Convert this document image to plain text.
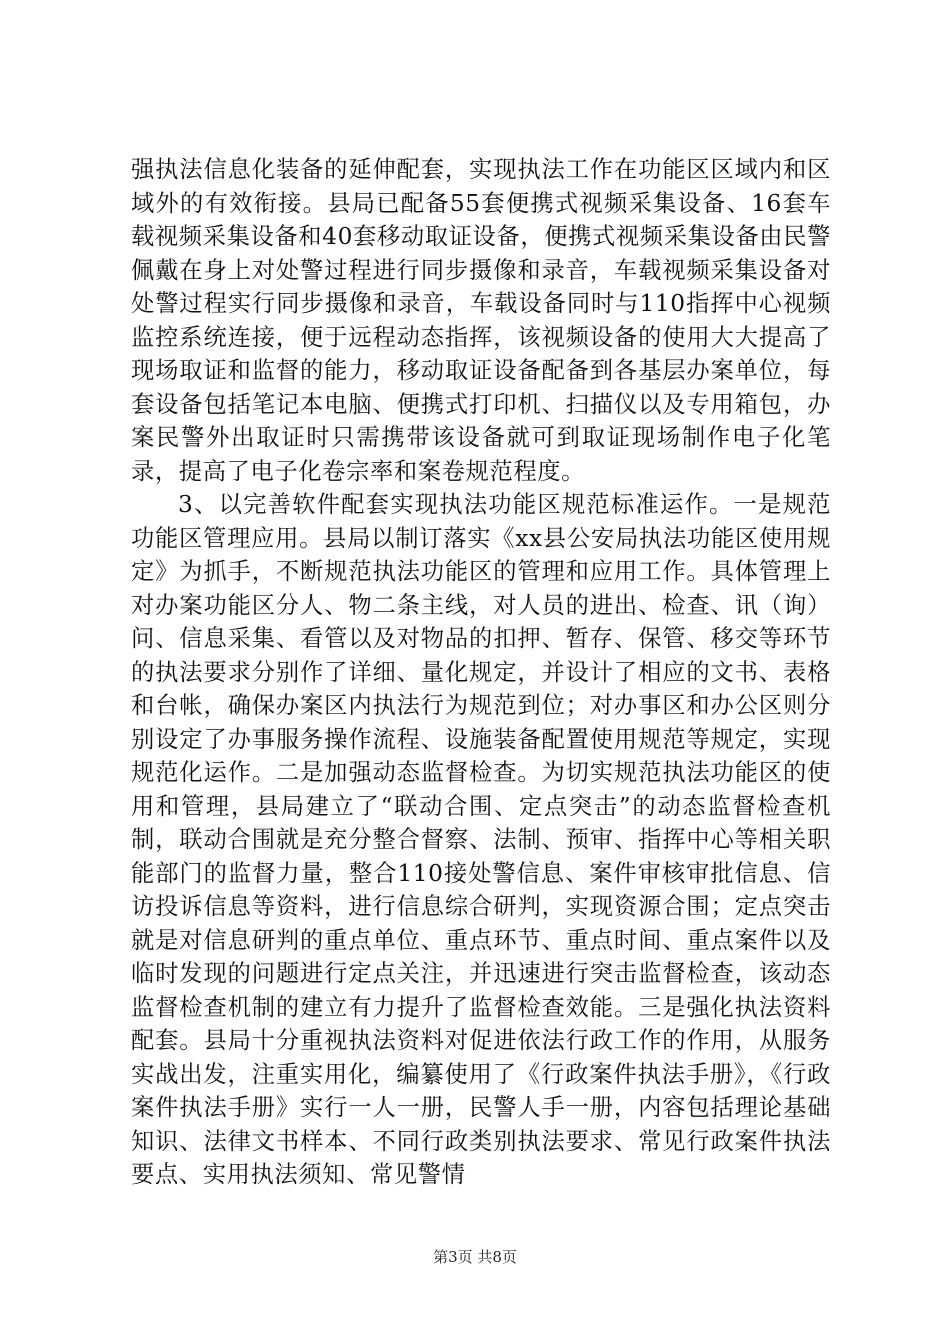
强执法信息化装备的延伸配套，实现执法工作在功能区区域内和区域外的有效衔接。县局已配备55套便携式视频采集设备、16套车载视频采集设备和40套移动取证设备，便携式视频采集设备由民警佩戴在身上对处警过程进行同步摄像和录音，车载视频采集设备对处警过程实行同步摄像和录音，车载设备同时与110指挥中心视频监控系统连接，便于远程动态指挥，该视频设备的使用大大提高了现场取证和监督的能力，移动取证设备配备到各基层办案单位，每套设备包括笔记本电脑、便携式打印机、扫描仪以及专用箱包，办案民警外出取证时只需携带该设备就可到取证现场制作电子化笔录，提高了电子化卷宗率和案卷规范程度。

3、以完善软件配套实现执法功能区规范标准运作。一是规范功能区管理应用。县局以制订落实《xx县公安局执法功能区使用规定》为抓手，不断规范执法功能区的管理和应用工作。具体管理上对办案功能区分人、物二条主线，对人员的进出、检查、讯（询）问、信息采集、看管以及对物品的扣押、暂存、保管、移交等环节的执法要求分别作了详细、量化规定，并设计了相应的文书、表格和台帐，确保办案区内执法行为规范到位；对办事区和办公区则分别设定了办事服务操作流程、设施装备配置使用规范等规定，实现规范化运作。二是加强动态监督检查。为切实规范执法功能区的使用和管理，县局建立了“联动合围、定点突击”的动态监督检查机制，联动合围就是充分整合督察、法制、预审、指挥中心等相关职能部门的监督力量，整合110接处警信息、案件审核审批信息、信访投诉信息等资料，进行信息综合研判，实现资源合围；定点突击就是对信息研判的重点单位、重点环节、重点时间、重点案件以及临时发现的问题进行定点关注，并迅速进行突击监督检查，该动态监督检查机制的建立有力提升了监督检查效能。三是强化执法资料配套。县局十分重视执法资料对促进依法行政工作的作用，从服务实战出发，注重实用化，编纂使用了《行政案件执法手册》，《行政案件执法手册》实行一人一册，民警人手一册，内容包括理论基础知识、法律文书样本、不同行政类别执法要求、常见行政案件执法要点、实用执法须知、常见警情

第3页 共8页
